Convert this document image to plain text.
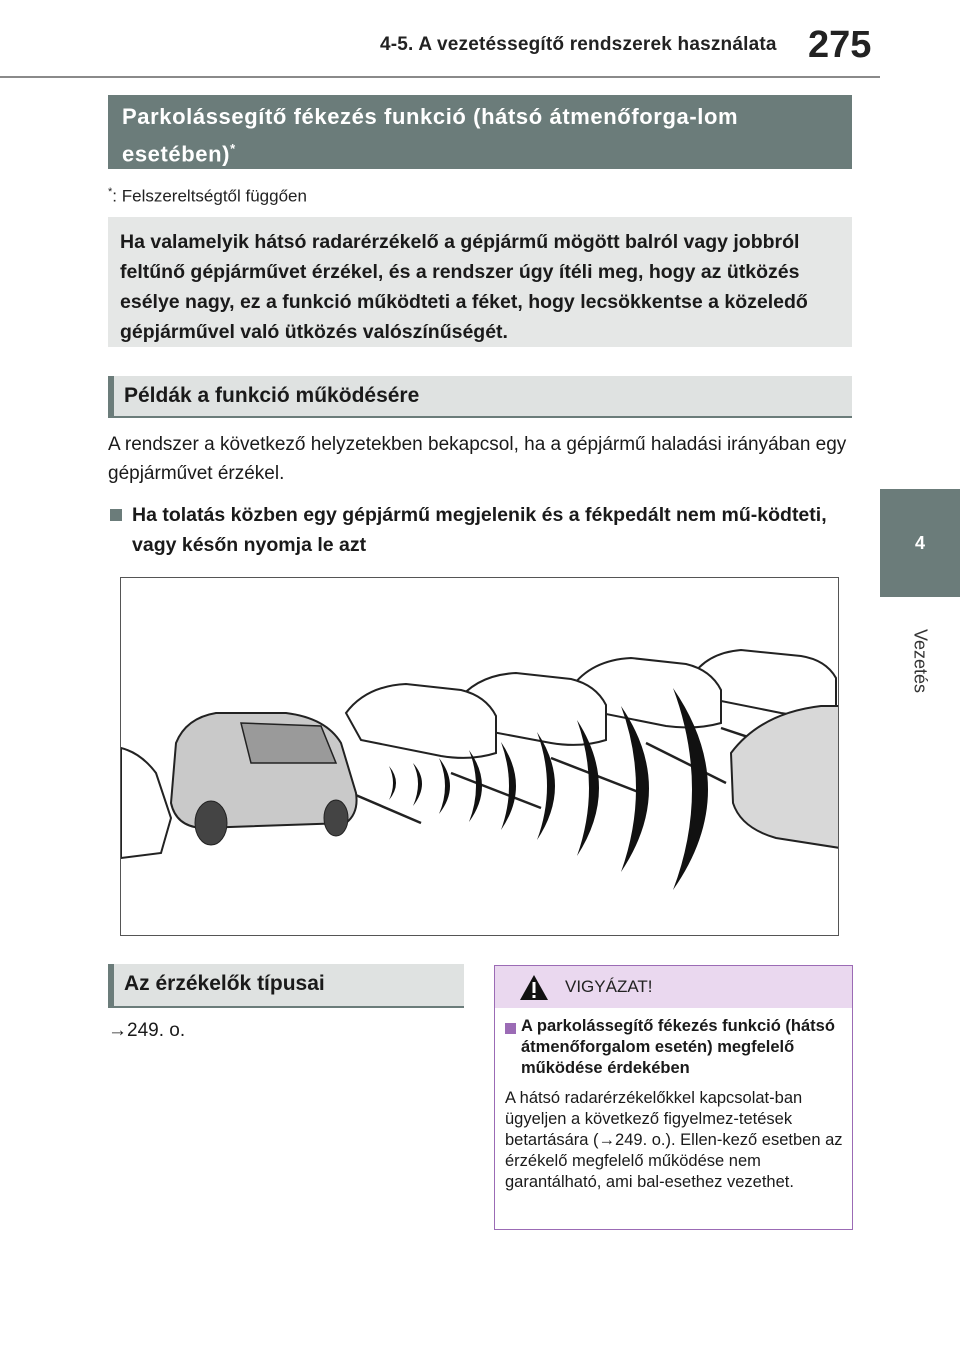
4-5. A vezetéssegítő rendszerek használata 275
4
Vezetés
Parkolássegítő fékezés funkció (hátsó átmenőforga-lom esetében)*
*: Felszereltségtől függően
Ha valamelyik hátsó radarérzékelő a gépjármű mögött balról vagy jobbról feltűnő gépjárművet érzékel, és a rendszer úgy ítéli meg, hogy az ütközés esélye nagy, ez a funkció működteti a féket, hogy lecsökkentse a közeledő gépjárművel való ütközés valószínűségét.
Példák a funkció működésére
A rendszer a következő helyzetekben bekapcsol, ha a gépjármű haladási irányában egy gépjárművet érzékel.
Ha tolatás közben egy gépjármű megjelenik és a fékpedált nem mű-ködteti, vagy későn nyomja le azt
Az érzékelők típusai
→249. o.
VIGYÁZAT!
A parkolássegítő fékezés funkció (hátsó átmenőforgalom esetén) megfelelő működése érdekében
A hátsó radarérzékelőkkel kapcsolat-ban ügyeljen a következő figyelmez-tetések betartására (→249. o.). Ellen-kező esetben az érzékelő megfelelő működése nem garantálható, ami bal-esethez vezethet.
